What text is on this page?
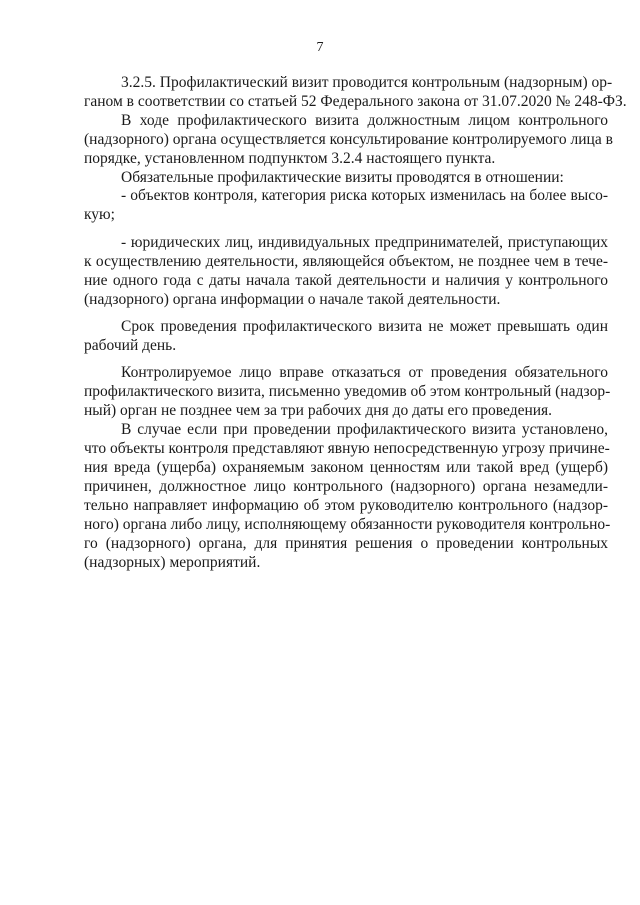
7

3.2.5. Профилактический визит проводится контрольным (надзорным) ор-

ганом в соответствии со статьей 52 Федерального закона от 31.07.2020 № 248-ФЗ.

В ходе профилактического визита должностным лицом контрольного

(надзорного) органа осуществляется консультирование контролируемого лица в

порядке, установленном подпунктом 3.2.4 настоящего пункта.

Обязательные профилактические визиты проводятся в отношении:

- объектов контроля, категория риска которых изменилась на более высо-

кую;

- юридических лиц, индивидуальных предпринимателей, приступающих

к осуществлению деятельности, являющейся объектом, не позднее чем в тече-

ние одного года с даты начала такой деятельности и наличия у контрольного

(надзорного) органа информации о начале такой деятельности.

Срок проведения профилактического визита не может превышать один

рабочий день.

Контролируемое лицо вправе отказаться от проведения обязательного

профилактического визита, письменно уведомив об этом контрольный (надзор-

ный) орган не позднее чем за три рабочих дня до даты его проведения.

В случае если при проведении профилактического визита установлено,

что объекты контроля представляют явную непосредственную угрозу причине-

ния вреда (ущерба) охраняемым законом ценностям или такой вред (ущерб)

причинен, должностное лицо контрольного (надзорного) органа незамедли-

тельно направляет информацию об этом руководителю контрольного (надзор-

ного) органа либо лицу, исполняющему обязанности руководителя контрольно-

го (надзорного) органа, для принятия решения о проведении контрольных

(надзорных) мероприятий.
